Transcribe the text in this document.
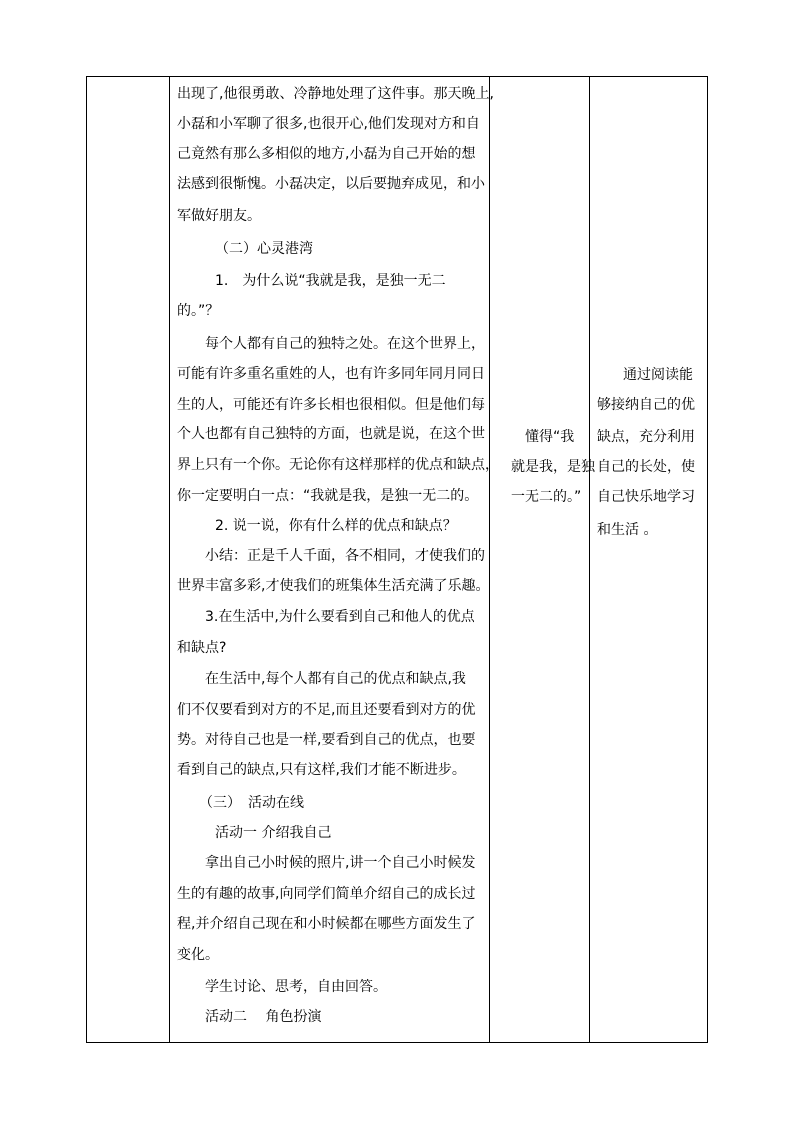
出现了,他很勇敢、冷静地处理了这件事。那天晚上,
小磊和小军聊了很多,也很开心,他们发现对方和自
己竟然有那么多相似的地方,小磊为自己开始的想
法感到很惭愧。小磊决定，以后要抛弃成见，和小
军做好朋友。
（二）心灵港湾
1.　为什么说“我就是我，是独一无二
的。”？
每个人都有自己的独特之处。在这个世界上，
可能有许多重名重姓的人，也有许多同年同月同日
生的人，可能还有许多长相也很相似。但是他们每
个人也都有自己独特的方面，也就是说，在这个世
界上只有一个你。无论你有这样那样的优点和缺点，
你一定要明白一点：“我就是我，是独一无二的。
2. 说一说，你有什么样的优点和缺点？
小结：正是千人千面，各不相同，才使我们的
世界丰富多彩,才使我们的班集体生活充满了乐趣。
3.在生活中,为什么要看到自己和他人的优点
和缺点?
在生活中,每个人都有自己的优点和缺点,我
们不仅要看到对方的不足,而且还要看到对方的优
势。对待自己也是一样,要看到自己的优点，也要
看到自己的缺点,只有这样,我们才能不断进步。
（三）　活动在线
活动一 介绍我自己
拿出自己小时候的照片,讲一个自己小时候发
生的有趣的故事,向同学们简单介绍自己的成长过
程,并介绍自己现在和小时候都在哪些方面发生了
变化。
学生讨论、思考，自由回答。
活动二　 角色扮演
懂得“我
就是我，是独
一无二的。”
通过阅读能
够接纳自己的优
缺点，充分利用
自己的长处，使
自己快乐地学习
和生活 。
